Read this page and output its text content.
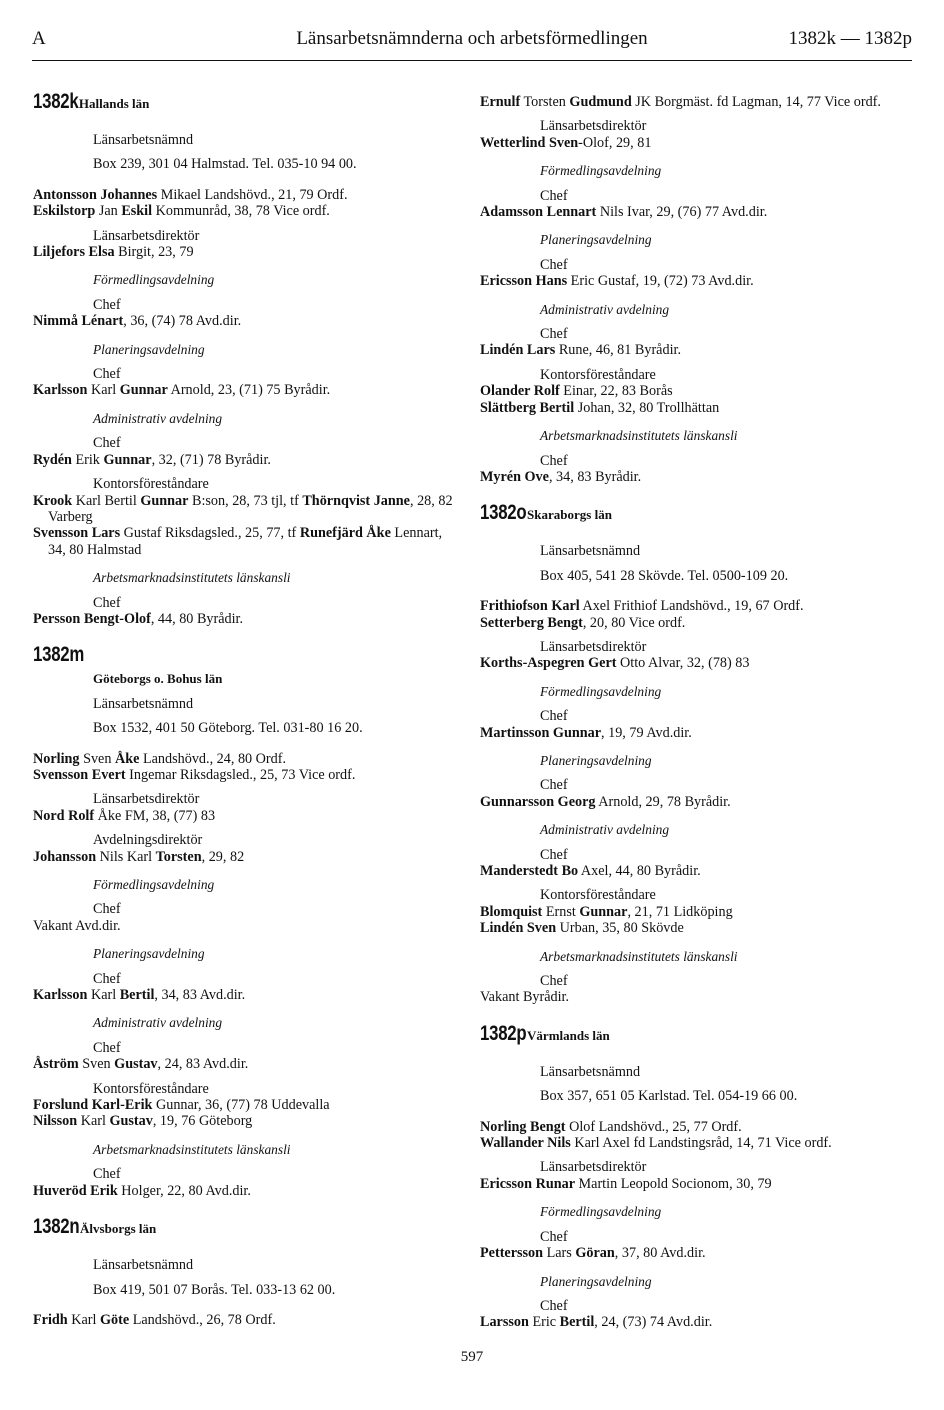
A	Länsarbetsnämnderna och arbetsförmedlingen	1382k — 1382p
1382kHallands län
Länsarbetsnämnd
Box 239, 301 04 Halmstad. Tel. 035-10 94 00.
Antonsson Johannes Mikael Landshövd., 21, 79 Ordf.
Eskilstorp Jan Eskil Kommunråd, 38, 78 Vice ordf.
Länsarbetsdirektör
Liljefors Elsa Birgit, 23, 79
Förmedlingsavdelning
Chef
Nimmå Lénart, 36, (74) 78 Avd.dir.
Planeringsavdelning
Chef
Karlsson Karl Gunnar Arnold, 23, (71) 75 Byrådir.
Administrativ avdelning
Chef
Rydén Erik Gunnar, 32, (71) 78 Byrådir.
Kontorsföreståndare
Krook Karl Bertil Gunnar B:son, 28, 73 tjl, tf Thörnqvist Janne, 28, 82 Varberg
Svensson Lars Gustaf Riksdagsled., 25, 77, tf Runefjärd Åke Lennart, 34, 80 Halmstad
Arbetsmarknadsinstitutets länskansli
Chef
Persson Bengt-Olof, 44, 80 Byrådir.
1382m
Göteborgs o. Bohus län
Länsarbetsnämnd
Box 1532, 401 50 Göteborg. Tel. 031-80 16 20.
Norling Sven Åke Landshövd., 24, 80 Ordf.
Svensson Evert Ingemar Riksdagsled., 25, 73 Vice ordf.
Länsarbetsdirektör
Nord Rolf Åke FM, 38, (77) 83
Avdelningsdirektör
Johansson Nils Karl Torsten, 29, 82
Förmedlingsavdelning
Chef
Vakant Avd.dir.
Planeringsavdelning
Chef
Karlsson Karl Bertil, 34, 83 Avd.dir.
Administrativ avdelning
Chef
Åström Sven Gustav, 24, 83 Avd.dir.
Kontorsföreståndare
Forslund Karl-Erik Gunnar, 36, (77) 78 Uddevalla
Nilsson Karl Gustav, 19, 76 Göteborg
Arbetsmarknadsinstitutets länskansli
Chef
Huveröd Erik Holger, 22, 80 Avd.dir.
1382nÄlvsborgs län
Länsarbetsnämnd
Box 419, 501 07 Borås. Tel. 033-13 62 00.
Fridh Karl Göte Landshövd., 26, 78 Ordf.
Ernulf Torsten Gudmund JK Borgmäst. fd Lagman, 14, 77 Vice ordf.
Länsarbetsdirektör
Wetterlind Sven-Olof, 29, 81
Förmedlingsavdelning
Chef
Adamsson Lennart Nils Ivar, 29, (76) 77 Avd.dir.
Planeringsavdelning
Chef
Ericsson Hans Eric Gustaf, 19, (72) 73 Avd.dir.
Administrativ avdelning
Chef
Lindén Lars Rune, 46, 81 Byrådir.
Kontorsföreståndare
Olander Rolf Einar, 22, 83 Borås
Slättberg Bertil Johan, 32, 80 Trollhättan
Arbetsmarknadsinstitutets länskansli
Chef
Myrén Ove, 34, 83 Byrådir.
1382oSkaraborgs län
Länsarbetsnämnd
Box 405, 541 28 Skövde. Tel. 0500-109 20.
Frithiofson Karl Axel Frithiof Landshövd., 19, 67 Ordf.
Setterberg Bengt, 20, 80 Vice ordf.
Länsarbetsdirektör
Korths-Aspegren Gert Otto Alvar, 32, (78) 83
Förmedlingsavdelning
Chef
Martinsson Gunnar, 19, 79 Avd.dir.
Planeringsavdelning
Chef
Gunnarsson Georg Arnold, 29, 78 Byrådir.
Administrativ avdelning
Chef
Manderstedt Bo Axel, 44, 80 Byrådir.
Kontorsföreståndare
Blomquist Ernst Gunnar, 21, 71 Lidköping
Lindén Sven Urban, 35, 80 Skövde
Arbetsmarknadsinstitutets länskansli
Chef
Vakant Byrådir.
1382pVärmlands län
Länsarbetsnämnd
Box 357, 651 05 Karlstad. Tel. 054-19 66 00.
Norling Bengt Olof Landshövd., 25, 77 Ordf.
Wallander Nils Karl Axel fd Landstingsråd, 14, 71 Vice ordf.
Länsarbetsdirektör
Ericsson Runar Martin Leopold Socionom, 30, 79
Förmedlingsavdelning
Chef
Pettersson Lars Göran, 37, 80 Avd.dir.
Planeringsavdelning
Chef
Larsson Eric Bertil, 24, (73) 74 Avd.dir.
597
